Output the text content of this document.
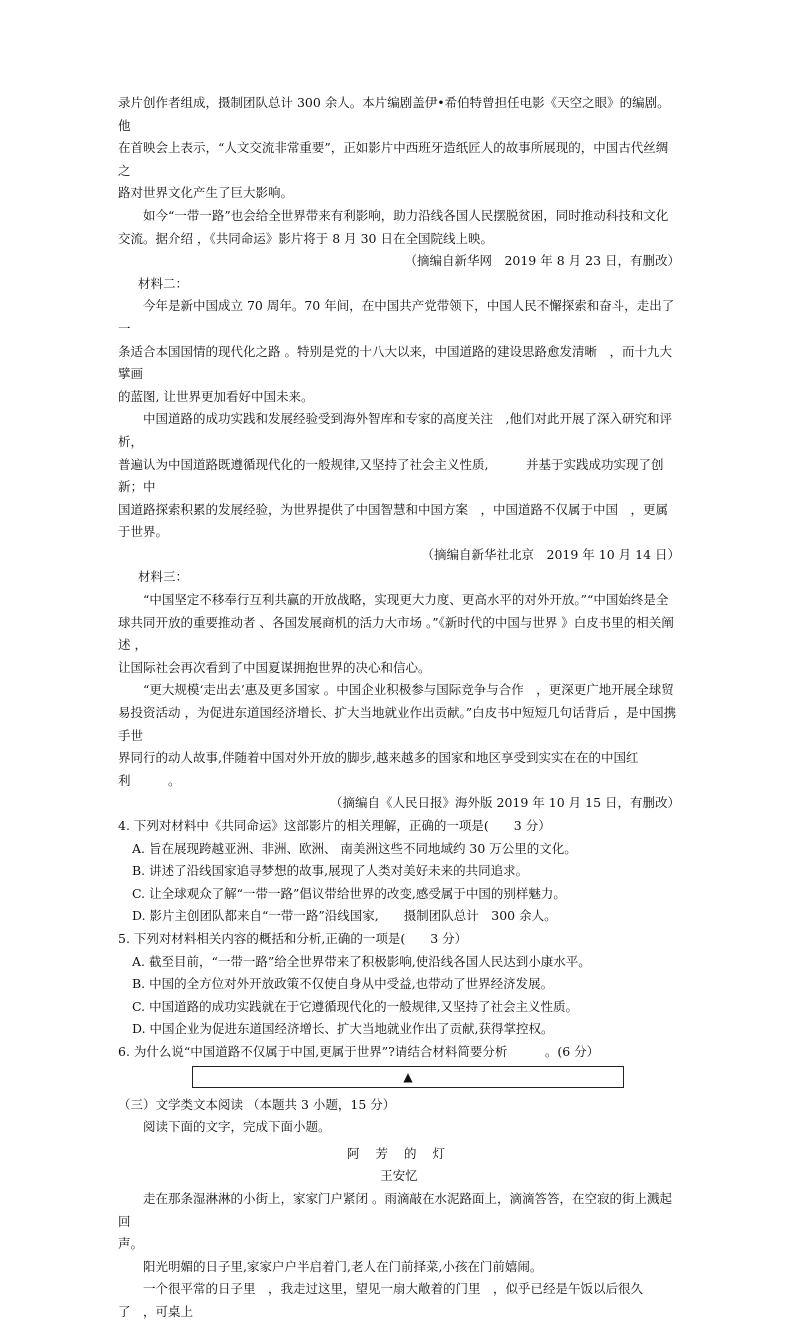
录片创作者组成，摄制团队总计 300 余人。本片编剧盖伊•希伯特曾担任电影《天空之眼》的编剧。他

在首映会上表示，“人文交流非常重要”，正如影片中西班牙造纸匠人的故事所展现的，中国古代丝绸之

路对世界文化产生了巨大影响。

如今“一带一路”也会给全世界带来有利影响，助力沿线各国人民摆脱贫困，同时推动科技和文化

交流。据介绍 ，《共同命运》影片将于 8 月 30 日在全国院线上映。

（摘编自新华网　2019 年 8 月 23 日，有删改）

材料二：

今年是新中国成立 70 周年。70 年间，在中国共产党带领下，中国人民不懈探索和奋斗，走出了一

条适合本国国情的现代化之路 。特别是党的十八大以来，中国道路的建设思路愈发清晰　，而十九大擘画

的蓝图, 让世界更加看好中国未来。

中国道路的成功实践和发展经验受到海外智库和专家的高度关注　,他们对此开展了深入研究和评析，

普遍认为中国道路既遵循现代化的一般规律,又坚持了社会主义性质,　　　并基于实践成功实现了创新；中

国道路探索积累的发展经验，为世界提供了中国智慧和中国方案　，中国道路不仅属于中国　，更属于世界。

（摘编自新华社北京　2019 年 10 月 14 日）

材料三：

“中国坚定不移奉行互利共赢的开放战略，实现更大力度、更高水平的对外开放。”“中国始终是全

球共同开放的重要推动者 、各国发展商机的活力大市场 。”《新时代的中国与世界 》白皮书里的相关阐述 ，

让国际社会再次看到了中国夏谋拥抱世界的决心和信心。

“更大规模‘走出去’惠及更多国家 。中国企业积极参与国际竞争与合作　，更深更广地开展全球贸

易投资活动 ，为促进东道国经济增长、扩大当地就业作出贡献。”白皮书中短短几句话背后 ，是中国携手世

界同行的动人故事,伴随着中国对外开放的脚步,越来越多的国家和地区享受到实实在在的中国红利　　　。

（摘编自《人民日报》海外版 2019 年 10 月 15 日，有删改）

4. 下列对材料中《共同命运》这部影片的相关理解，正确的一项是(　　3 分）

A. 旨在展现跨越亚洲、非洲、欧洲、 南美洲这些不同地域约 30 万公里的文化。

B. 讲述了沿线国家追寻梦想的故事,展现了人类对美好未来的共同追求。

C. 让全球观众了解“一带一路”倡议带给世界的改变,感受属于中国的别样魅力。

D. 影片主创团队都来自“一带一路”沿线国家,　　摄制团队总计　300 余人。

5. 下列对材料相关内容的概括和分析,正确的一项是(　　3 分）

A. 截至目前，“一带一路”给全世界带来了积极影响,使沿线各国人民达到小康水平。

B. 中国的全方位对外开放政策不仅使自身从中受益,也带动了世界经济发展。

C. 中国道路的成功实践就在于它遵循现代化的一般规律,又坚持了社会主义性质。

D. 中国企业为促进东道国经济增长、扩大当地就业作出了贡献,获得掌控权。

6. 为什么说“中国道路不仅属于中国,更属于世界”?请结合材料简要分析　　　。(6 分）

▲

（三）文学类文本阅读 （本题共 3 小题，15 分）

阅读下面的文字，完成下面小题。

阿 芳 的 灯

王安忆

走在那条湿淋淋的小街上，家家门户紧闭 。雨滴敲在水泥路面上，滴滴答答，在空寂的街上溅起回

声。

阳光明媚的日子里,家家户户半启着门,老人在门前择菜,小孩在门前嬉闹。

一个很平常的日子里　，我走过这里，望见一扇大敞着的门里　，似乎已经是午饭以后很久了　，可桌上
